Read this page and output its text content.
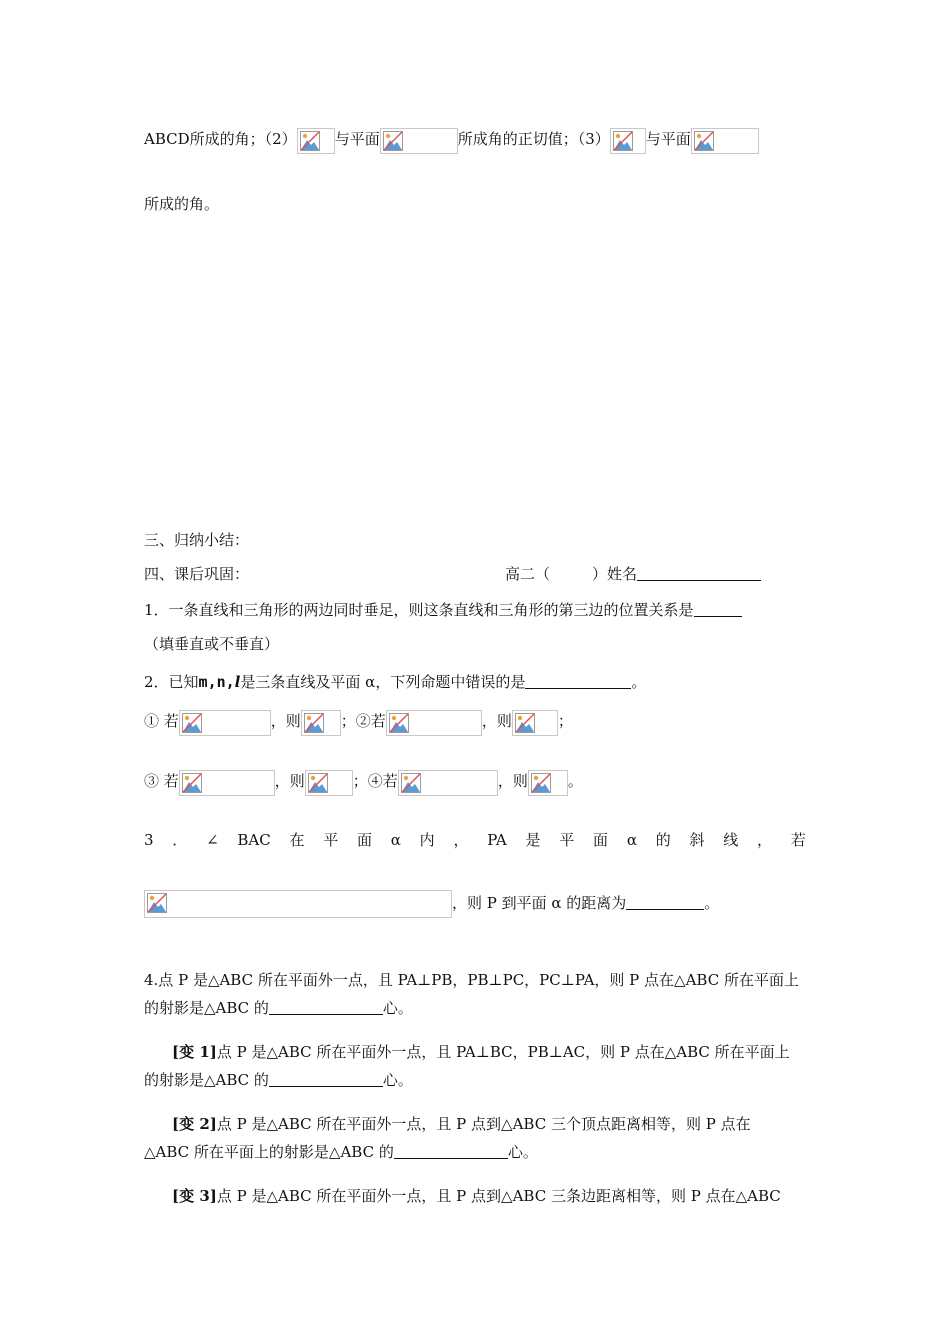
ABCD所成的角；（2）	与平面	所成角的正切值；（3） 与平面
所成的角。
三、归纳小结：
四、课后巩固：	高二（	）姓名
1．一条直线和三角形的两边同时垂足，则这条直线和三角形的第三边的位置关系是
（填垂直或不垂直）
2．已知m,n,l是三条直线及平面 α，下列命题中错误的是	。
① 若	，则	；②若	，则	；
③ 若	，则	；④若	，则	。
3 ． ∠ BAC 在 平 面 α 内 ， PA 是 平 面 α 的 斜 线 ， 若
，则 P 到平面 α 的距离为	。
4.点 P 是△ABC 所在平面外一点，且 PA⊥PB，PB⊥PC，PC⊥PA，则 P 点在△ABC 所在平面上
的射影是△ABC 的	心。
[变 1]点 P 是△ABC 所在平面外一点，且 PA⊥BC，PB⊥AC，则 P 点在△ABC 所在平面上
的射影是△ABC 的	心。
[变 2]点 P 是△ABC 所在平面外一点，且 P 点到△ABC 三个顶点距离相等，则 P 点在
△ABC 所在平面上的射影是△ABC 的	心。
[变 3]点 P 是△ABC 所在平面外一点，且 P 点到△ABC 三条边距离相等，则 P 点在△ABC
